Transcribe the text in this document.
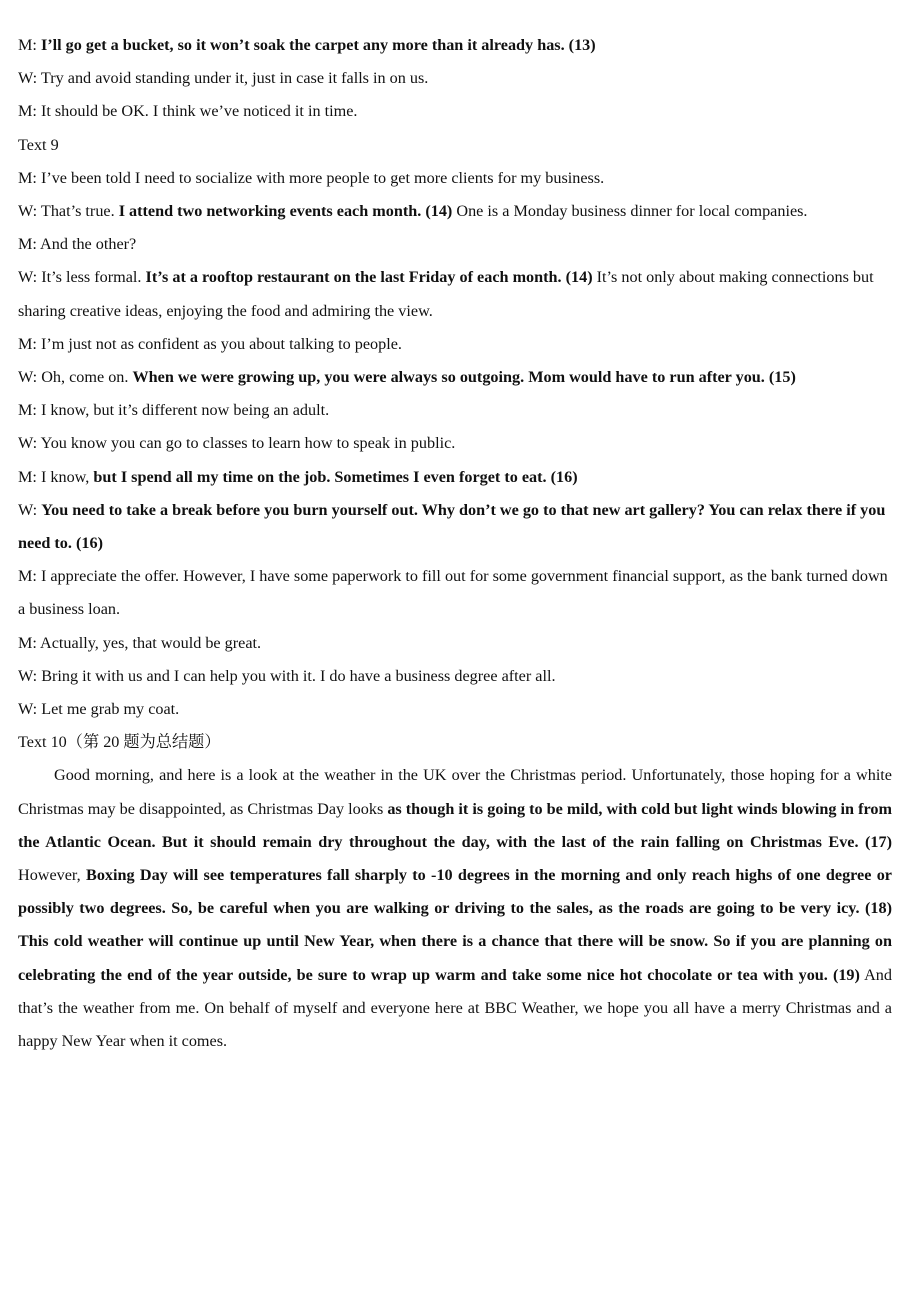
M: I’ll go get a bucket, so it won’t soak the carpet any more than it already has. (13)

W: Try and avoid standing under it, just in case it falls in on us.

M: It should be OK. I think we’ve noticed it in time.

Text 9

M: I’ve been told I need to socialize with more people to get more clients for my business.

W: That’s true. I attend two networking events each month. (14) One is a Monday business dinner for local companies.

M: And the other?

W: It’s less formal. It’s at a rooftop restaurant on the last Friday of each month. (14) It’s not only about making connections but sharing creative ideas, enjoying the food and admiring the view.

M: I’m just not as confident as you about talking to people.

W: Oh, come on. When we were growing up, you were always so outgoing. Mom would have to run after you. (15)

M: I know, but it’s different now being an adult.

W: You know you can go to classes to learn how to speak in public.

M: I know, but I spend all my time on the job. Sometimes I even forget to eat. (16)

W: You need to take a break before you burn yourself out. Why don’t we go to that new art gallery? You can relax there if you need to. (16)

M: I appreciate the offer. However, I have some paperwork to fill out for some government financial support, as the bank turned down a business loan.

M: Actually, yes, that would be great.

W: Bring it with us and I can help you with it. I do have a business degree after all.

W: Let me grab my coat.

Text 10（第 20 题为总结题）

Good morning, and here is a look at the weather in the UK over the Christmas period. Unfortunately, those hoping for a white Christmas may be disappointed, as Christmas Day looks as though it is going to be mild, with cold but light winds blowing in from the Atlantic Ocean. But it should remain dry throughout the day, with the last of the rain falling on Christmas Eve. (17) However, Boxing Day will see temperatures fall sharply to -10 degrees in the morning and only reach highs of one degree or possibly two degrees. So, be careful when you are walking or driving to the sales, as the roads are going to be very icy. (18) This cold weather will continue up until New Year, when there is a chance that there will be snow. So if you are planning on celebrating the end of the year outside, be sure to wrap up warm and take some nice hot chocolate or tea with you. (19) And that’s the weather from me. On behalf of myself and everyone here at BBC Weather, we hope you all have a merry Christmas and a happy New Year when it comes.
